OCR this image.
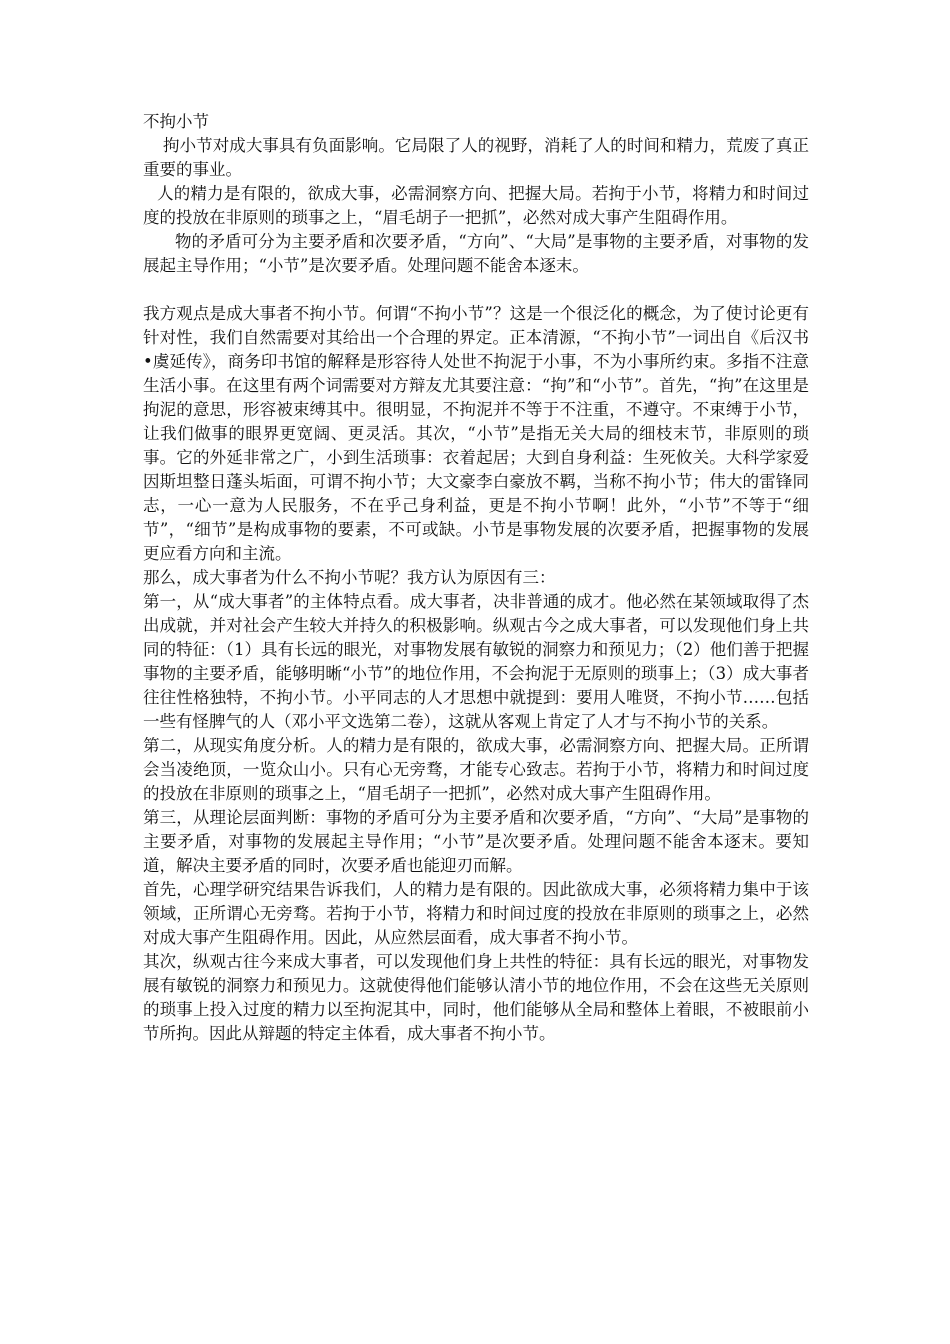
不拘小节

拘小节对成大事具有负面影响。它局限了人的视野，消耗了人的时间和精力，荒废了真正重要的事业。

人的精力是有限的，欲成大事，必需洞察方向、把握大局。若拘于小节，将精力和时间过度的投放在非原则的琐事之上，“眉毛胡子一把抓”，必然对成大事产生阻碍作用。

物的矛盾可分为主要矛盾和次要矛盾，“方向”、“大局”是事物的主要矛盾，对事物的发展起主导作用；“小节”是次要矛盾。处理问题不能舍本逐末。

我方观点是成大事者不拘小节。何谓“不拘小节”？这是一个很泛化的概念，为了使讨论更有针对性，我们自然需要对其给出一个合理的界定。正本清源，“不拘小节”一词出自《后汉书•虞延传》，商务印书馆的解释是形容待人处世不拘泥于小事，不为小事所约束。多指不注意生活小事。在这里有两个词需要对方辩友尤其要注意：“拘”和“小节”。首先，“拘”在这里是拘泥的意思，形容被束缚其中。很明显，不拘泥并不等于不注重，不遵守。不束缚于小节，让我们做事的眼界更宽阔、更灵活。其次，“小节”是指无关大局的细枝末节，非原则的琐事。它的外延非常之广，小到生活琐事：衣着起居；大到自身利益：生死攸关。大科学家爱因斯坦整日蓬头垢面，可谓不拘小节；大文豪李白豪放不羁，当称不拘小节；伟大的雷锋同志，一心一意为人民服务，不在乎己身利益，更是不拘小节啊！此外，“小节”不等于“细节”，“细节”是构成事物的要素，不可或缺。小节是事物发展的次要矛盾，把握事物的发展更应看方向和主流。

那么，成大事者为什么不拘小节呢？我方认为原因有三：

第一，从“成大事者”的主体特点看。成大事者，决非普通的成才。他必然在某领域取得了杰出成就，并对社会产生较大并持久的积极影响。纵观古今之成大事者，可以发现他们身上共同的特征：（1）具有长远的眼光，对事物发展有敏锐的洞察力和预见力；（2）他们善于把握事物的主要矛盾，能够明晰“小节”的地位作用，不会拘泥于无原则的琐事上；（3）成大事者往往性格独特，不拘小节。小平同志的人才思想中就提到：要用人唯贤，不拘小节……包括一些有怪脾气的人（邓小平文选第二卷），这就从客观上肯定了人才与不拘小节的关系。

第二，从现实角度分析。人的精力是有限的，欲成大事，必需洞察方向、把握大局。正所谓会当凌绝顶，一览众山小。只有心无旁骛，才能专心致志。若拘于小节，将精力和时间过度的投放在非原则的琐事之上，“眉毛胡子一把抓”，必然对成大事产生阻碍作用。

第三，从理论层面判断：事物的矛盾可分为主要矛盾和次要矛盾，“方向”、“大局”是事物的主要矛盾，对事物的发展起主导作用；“小节”是次要矛盾。处理问题不能舍本逐末。要知道，解决主要矛盾的同时，次要矛盾也能迎刃而解。

首先，心理学研究结果告诉我们，人的精力是有限的。因此欲成大事，必须将精力集中于该领域，正所谓心无旁骛。若拘于小节，将精力和时间过度的投放在非原则的琐事之上，必然对成大事产生阻碍作用。因此，从应然层面看，成大事者不拘小节。

其次，纵观古往今来成大事者，可以发现他们身上共性的特征：具有长远的眼光，对事物发展有敏锐的洞察力和预见力。这就使得他们能够认清小节的地位作用，不会在这些无关原则的琐事上投入过度的精力以至拘泥其中，同时，他们能够从全局和整体上着眼，不被眼前小节所拘。因此从辩题的特定主体看，成大事者不拘小节。
